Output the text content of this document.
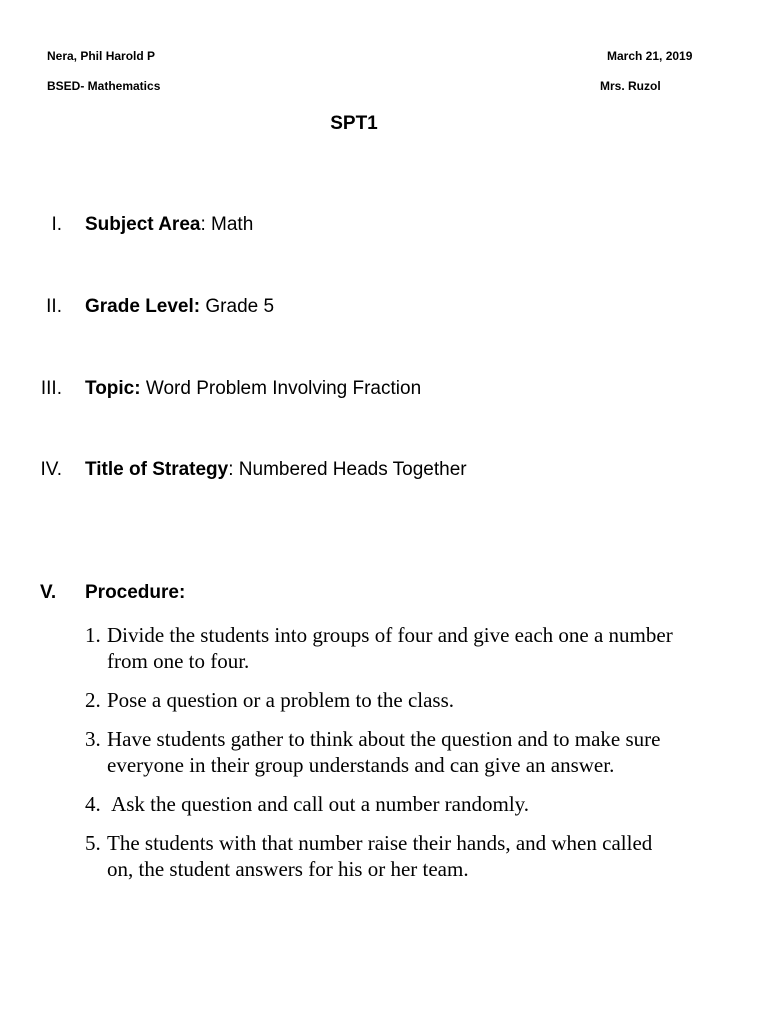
Nera, Phil Harold P	March 21, 2019
BSED- Mathematics	Mrs. Ruzol
SPT1
I. Subject Area: Math
II. Grade Level: Grade 5
III. Topic: Word Problem Involving Fraction
IV. Title of Strategy: Numbered Heads Together
V. Procedure:
1. Divide the students into groups of four and give each one a number
from one to four.
2. Pose a question or a problem to the class.
3. Have students gather to think about the question and to make sure
everyone in their group understands and can give an answer.
4. Ask the question and call out a number randomly.
5. The students with that number raise their hands, and when called
on, the student answers for his or her team.
